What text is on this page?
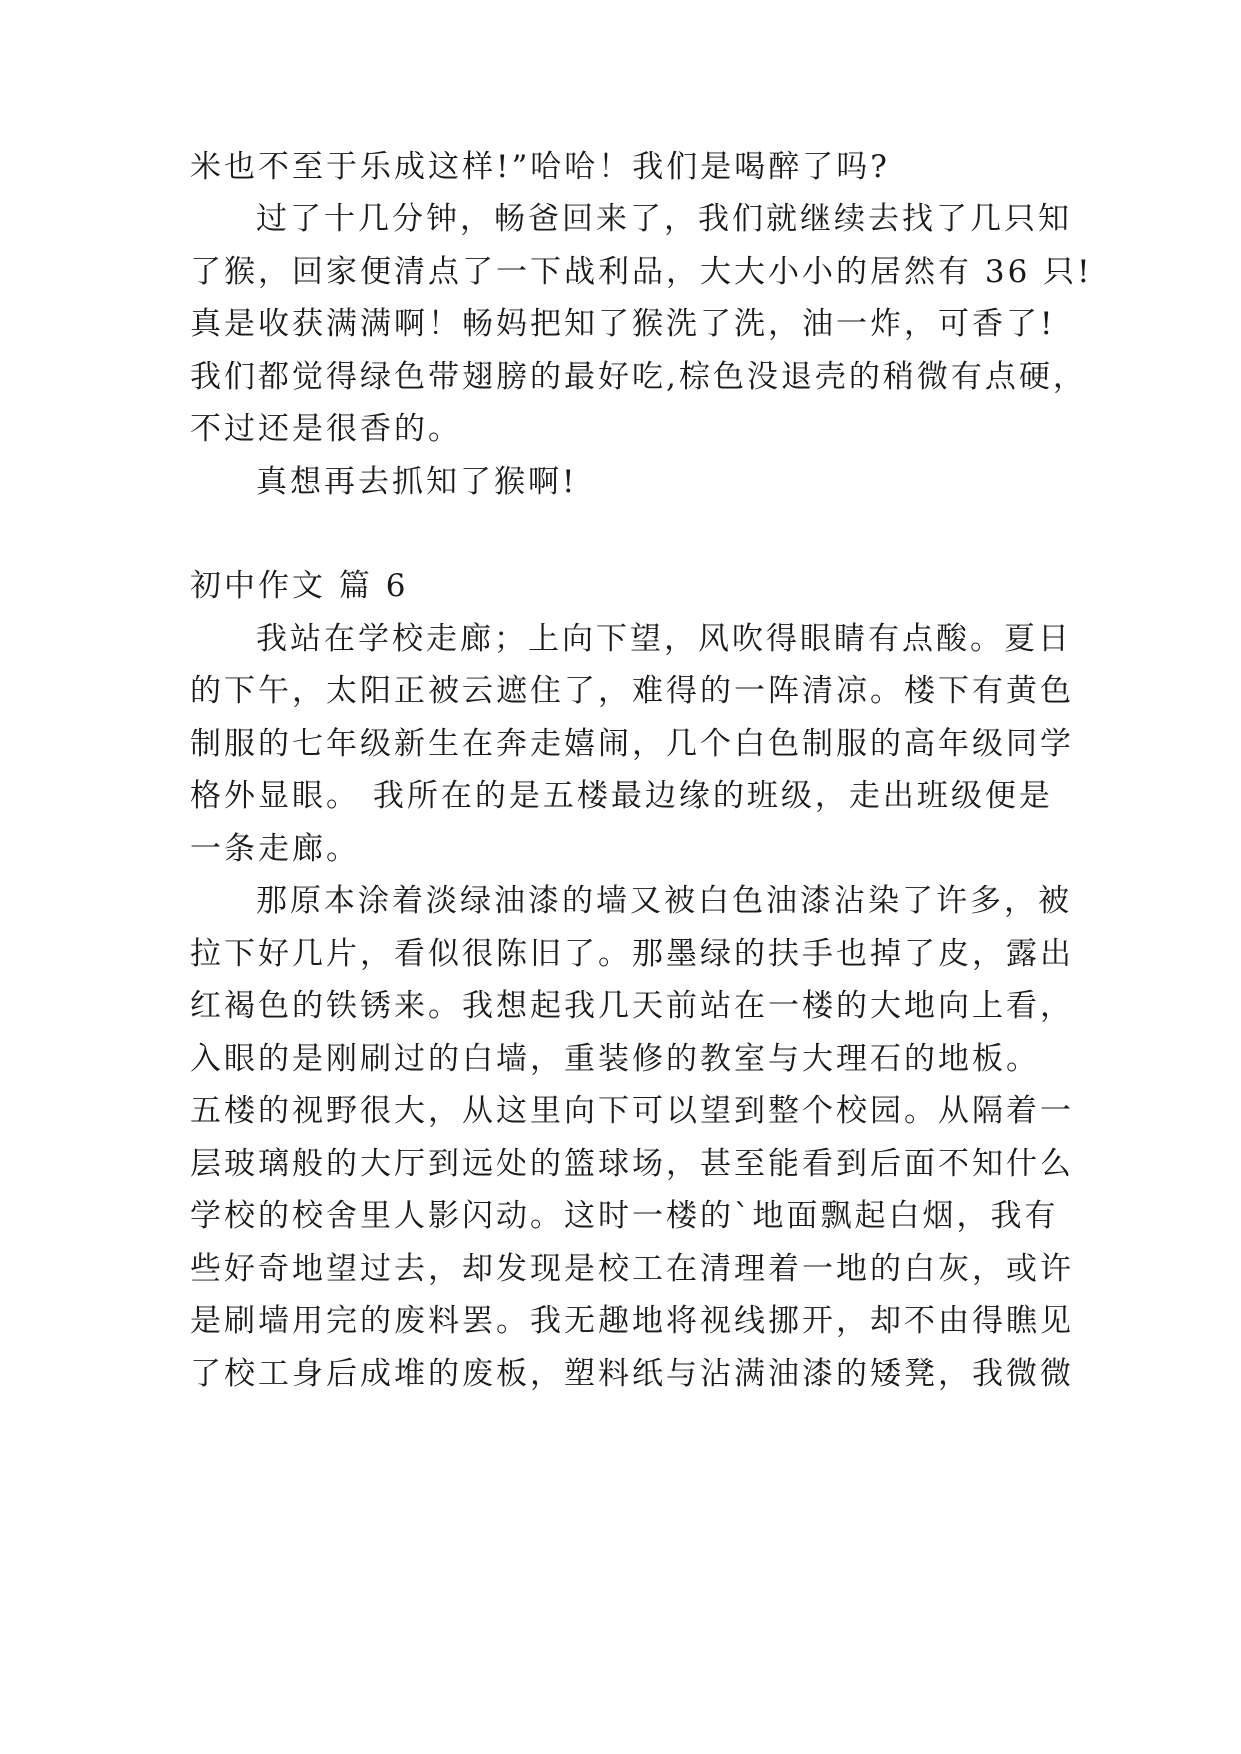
米也不至于乐成这样!”哈哈！我们是喝醉了吗?
过了十几分钟，畅爸回来了，我们就继续去找了几只知
了猴，回家便清点了一下战利品，大大小小的居然有 36 只!
真是收获满满啊！畅妈把知了猴洗了洗，油一炸，可香了!
我们都觉得绿色带翅膀的最好吃,棕色没退壳的稍微有点硬，
不过还是很香的。
真想再去抓知了猴啊!
初中作文 篇 6
我站在学校走廊；上向下望，风吹得眼睛有点酸。夏日
的下午，太阳正被云遮住了，难得的一阵清凉。楼下有黄色
制服的七年级新生在奔走嬉闹，几个白色制服的高年级同学
格外显眼。 我所在的是五楼最边缘的班级，走出班级便是
一条走廊。
那原本涂着淡绿油漆的墙又被白色油漆沾染了许多，被
拉下好几片，看似很陈旧了。那墨绿的扶手也掉了皮，露出
红褐色的铁锈来。我想起我几天前站在一楼的大地向上看，
入眼的是刚刷过的白墙，重装修的教室与大理石的地板。
五楼的视野很大，从这里向下可以望到整个校园。从隔着一
层玻璃般的大厅到远处的篮球场，甚至能看到后面不知什么
学校的校舍里人影闪动。这时一楼的`地面飘起白烟，我有
些好奇地望过去，却发现是校工在清理着一地的白灰，或许
是刷墙用完的废料罢。我无趣地将视线挪开，却不由得瞧见
了校工身后成堆的废板，塑料纸与沾满油漆的矮凳，我微微
